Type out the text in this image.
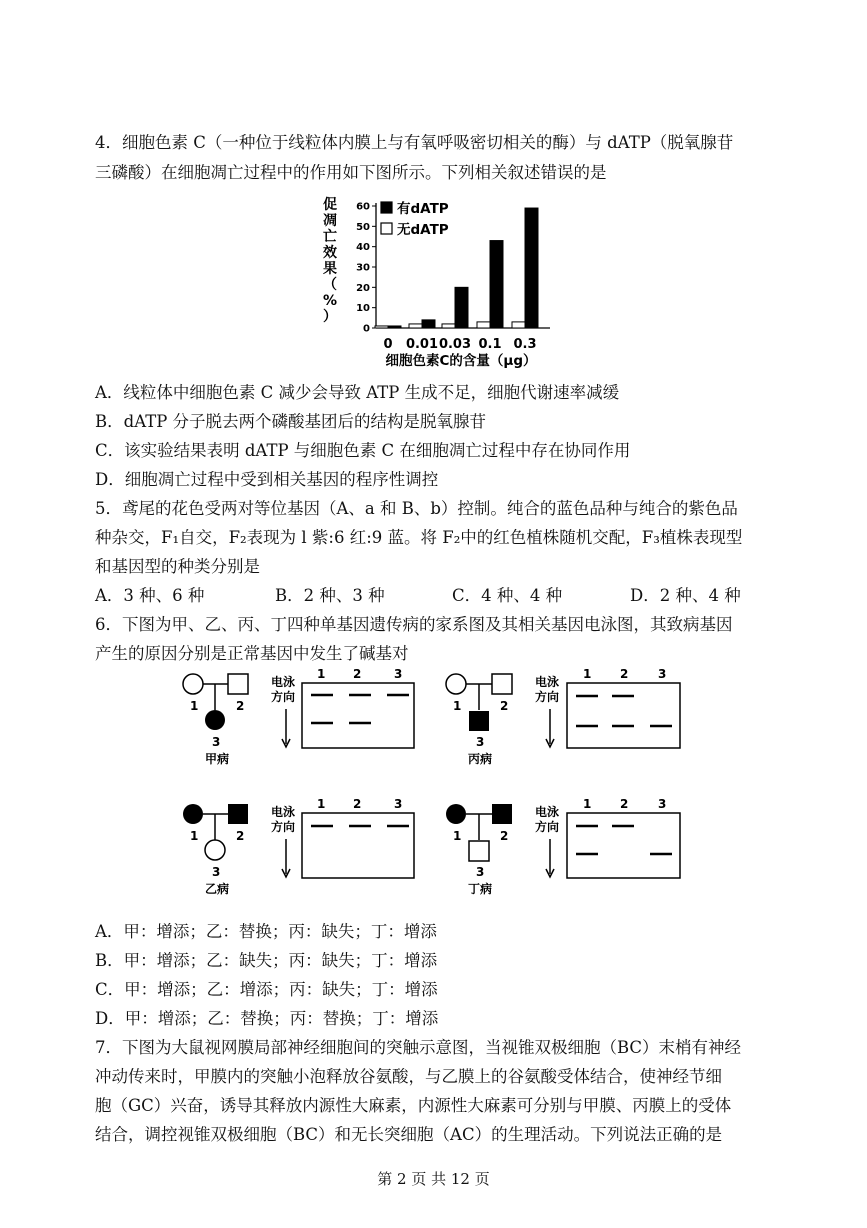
4．细胞色素 C（一种位于线粒体内膜上与有氧呼吸密切相关的酶）与 dATP（脱氧腺苷
三磷酸）在细胞凋亡过程中的作用如下图所示。下列相关叙述错误的是
促
凋
亡
效
果
（
%
）
0
10
20
30
40
50
60
0 0.01 0.03 0.1 0.3
有dATP
无dATP
细胞色素C的含量（μg）
A．线粒体中细胞色素 C 减少会导致 ATP 生成不足，细胞代谢速率减缓
B．dATP 分子脱去两个磷酸基团后的结构是脱氧腺苷
C．该实验结果表明 dATP 与细胞色素 C 在细胞凋亡过程中存在协同作用
D．细胞凋亡过程中受到相关基因的程序性调控
5．鸢尾的花色受两对等位基因（A、a 和 B、b）控制。纯合的蓝色品种与纯合的紫色品
种杂交，F₁自交，F₂表现为 l 紫:6 红:9 蓝。将 F₂中的红色植株随机交配，F₃植株表现型
和基因型的种类分别是
A．3 种、6 种	B．2 种、3 种	C．4 种、4 种	D．2 种、4 种
6．下图为甲、乙、丙、丁四种单基因遗传病的家系图及其相关基因电泳图，其致病基因
产生的原因分别是正常基因中发生了碱基对
1	2
3
甲病
电泳
方向
1 2	3
1	2
3
丙病
电泳
方向
1 2 3
1	2
3
乙病
电泳
方向
1 2	3
1	2
3
丁病
电泳
方向
1 2 3
A．甲：增添；乙：替换；丙：缺失；丁：增添
B．甲：增添；乙：缺失；丙：缺失；丁：增添
C．甲：增添；乙：增添；丙：缺失；丁：增添
D．甲：增添；乙：替换；丙：替换；丁：增添
7．下图为大鼠视网膜局部神经细胞间的突触示意图，当视锥双极细胞（BC）末梢有神经
冲动传来时，甲膜内的突触小泡释放谷氨酸，与乙膜上的谷氨酸受体结合，使神经节细
胞（GC）兴奋，诱导其释放内源性大麻素，内源性大麻素可分别与甲膜、丙膜上的受体
结合，调控视锥双极细胞（BC）和无长突细胞（AC）的生理活动。下列说法正确的是
第 2 页 共 12 页
